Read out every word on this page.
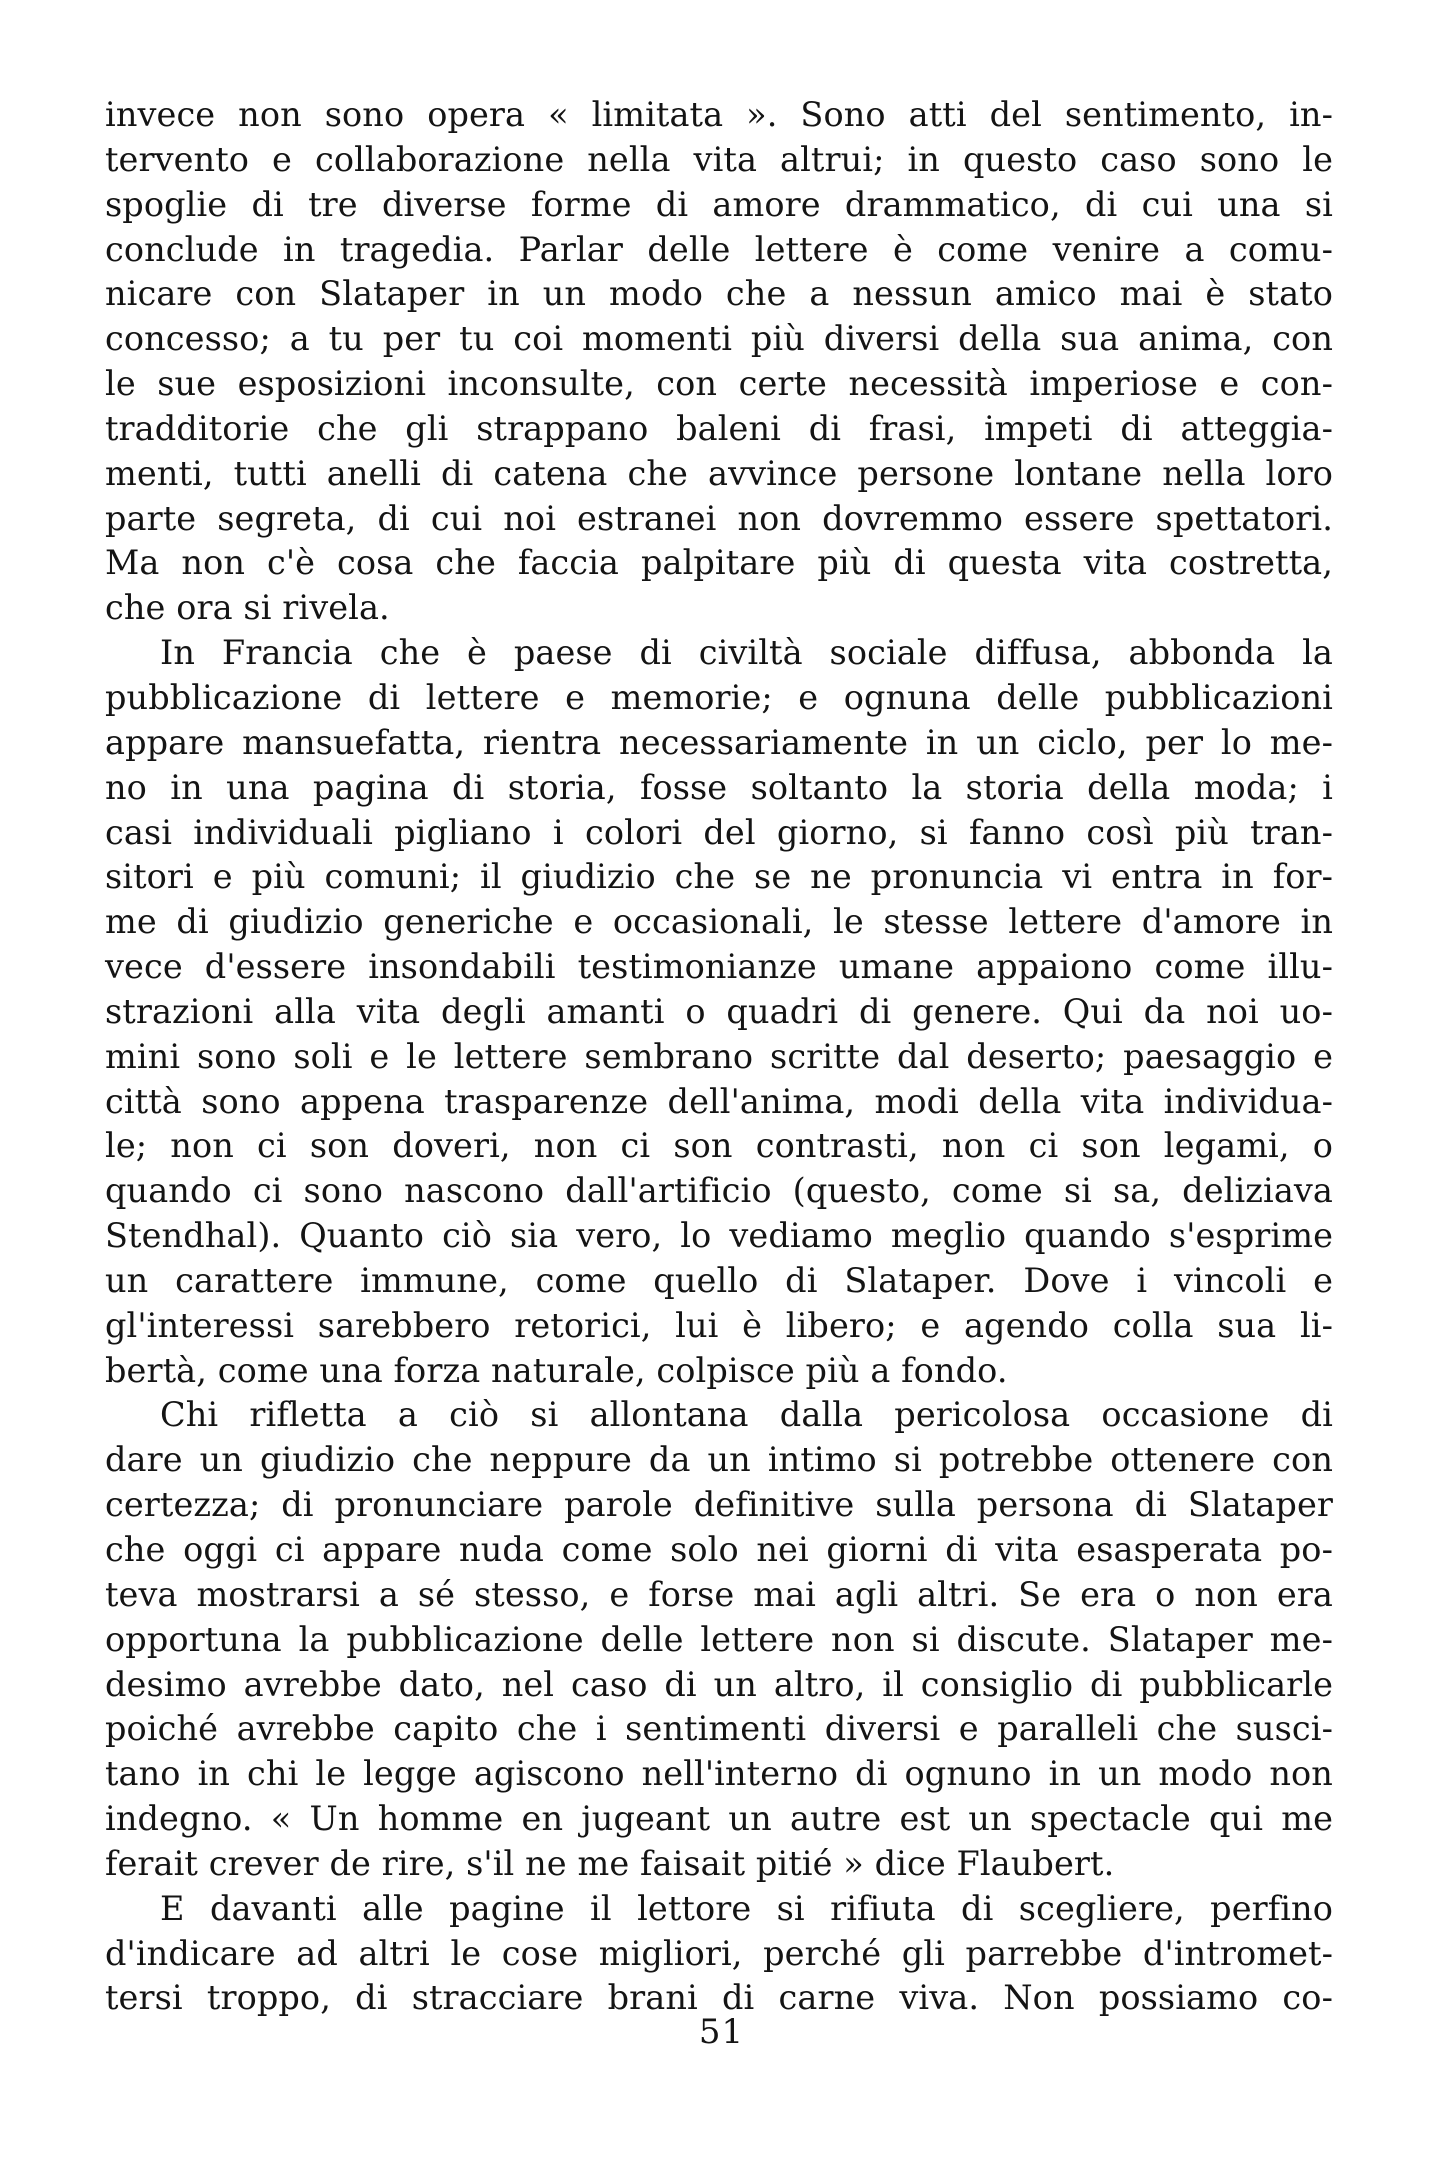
invece non sono opera « limitata ». Sono atti del sentimento, in-
tervento e collaborazione nella vita altrui; in questo caso sono le
spoglie di tre diverse forme di amore drammatico, di cui una si
conclude in tragedia. Parlar delle lettere è come venire a comu-
nicare con Slataper in un modo che a nessun amico mai è stato
concesso; a tu per tu coi momenti più diversi della sua anima, con
le sue esposizioni inconsulte, con certe necessità imperiose e con-
tradditorie che gli strappano baleni di frasi, impeti di atteggia-
menti, tutti anelli di catena che avvince persone lontane nella loro
parte segreta, di cui noi estranei non dovremmo essere spettatori.
Ma non c'è cosa che faccia palpitare più di questa vita costretta,
che ora si rivela.
In Francia che è paese di civiltà sociale diffusa, abbonda la
pubblicazione di lettere e memorie; e ognuna delle pubblicazioni
appare mansuefatta, rientra necessariamente in un ciclo, per lo me-
no in una pagina di storia, fosse soltanto la storia della moda; i
casi individuali pigliano i colori del giorno, si fanno così più tran-
sitori e più comuni; il giudizio che se ne pronuncia vi entra in for-
me di giudizio generiche e occasionali, le stesse lettere d'amore in
vece d'essere insondabili testimonianze umane appaiono come illu-
strazioni alla vita degli amanti o quadri di genere. Qui da noi uo-
mini sono soli e le lettere sembrano scritte dal deserto; paesaggio e
città sono appena trasparenze dell'anima, modi della vita individua-
le; non ci son doveri, non ci son contrasti, non ci son legami, o
quando ci sono nascono dall'artificio (questo, come si sa, deliziava
Stendhal). Quanto ciò sia vero, lo vediamo meglio quando s'esprime
un carattere immune, come quello di Slataper. Dove i vincoli e
gl'interessi sarebbero retorici, lui è libero; e agendo colla sua li-
bertà, come una forza naturale, colpisce più a fondo.
Chi rifletta a ciò si allontana dalla pericolosa occasione di
dare un giudizio che neppure da un intimo si potrebbe ottenere con
certezza; di pronunciare parole definitive sulla persona di Slataper
che oggi ci appare nuda come solo nei giorni di vita esasperata po-
teva mostrarsi a sé stesso, e forse mai agli altri. Se era o non era
opportuna la pubblicazione delle lettere non si discute. Slataper me-
desimo avrebbe dato, nel caso di un altro, il consiglio di pubblicarle
poiché avrebbe capito che i sentimenti diversi e paralleli che susci-
tano in chi le legge agiscono nell'interno di ognuno in un modo non
indegno. « Un homme en jugeant un autre est un spectacle qui me
ferait crever de rire, s'il ne me faisait pitié » dice Flaubert.
E davanti alle pagine il lettore si rifiuta di scegliere, perfino
d'indicare ad altri le cose migliori, perché gli parrebbe d'intromet-
tersi troppo, di stracciare brani di carne viva. Non possiamo co-
51
